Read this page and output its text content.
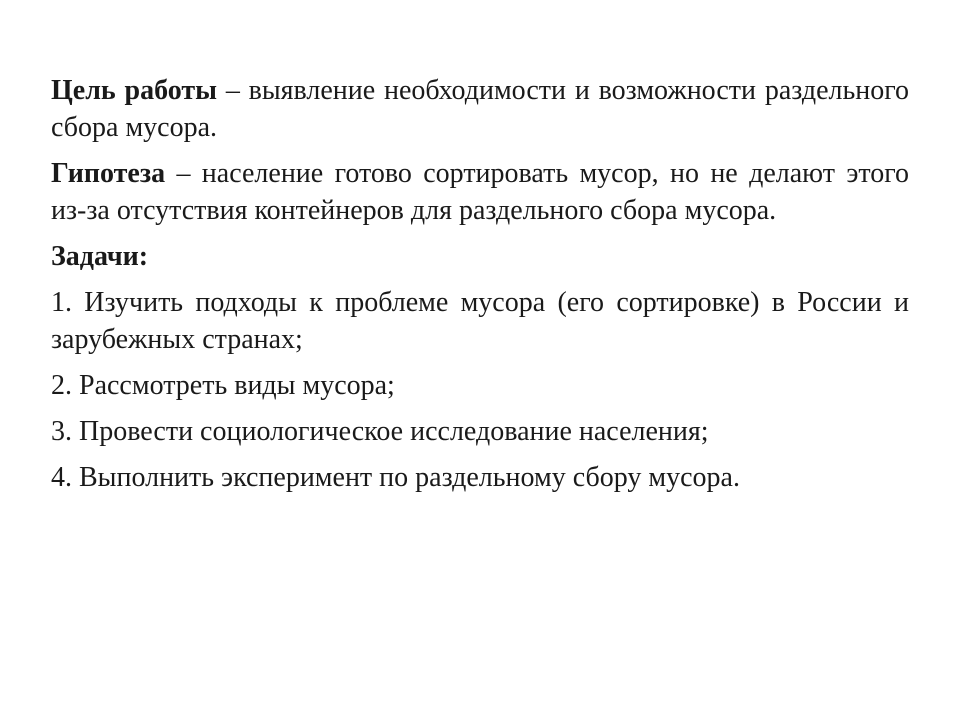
Цель работы – выявление необходимости и возможности раздельного сбора мусора.

Гипотеза – население готово сортировать мусор, но не делают этого из-за отсутствия контейнеров для раздельного сбора мусора.

Задачи:

1. Изучить подходы к проблеме мусора (его сортировке) в России и зарубежных странах;

2. Рассмотреть виды мусора;

3. Провести социологическое исследование населения;

4. Выполнить эксперимент по раздельному сбору мусора.
